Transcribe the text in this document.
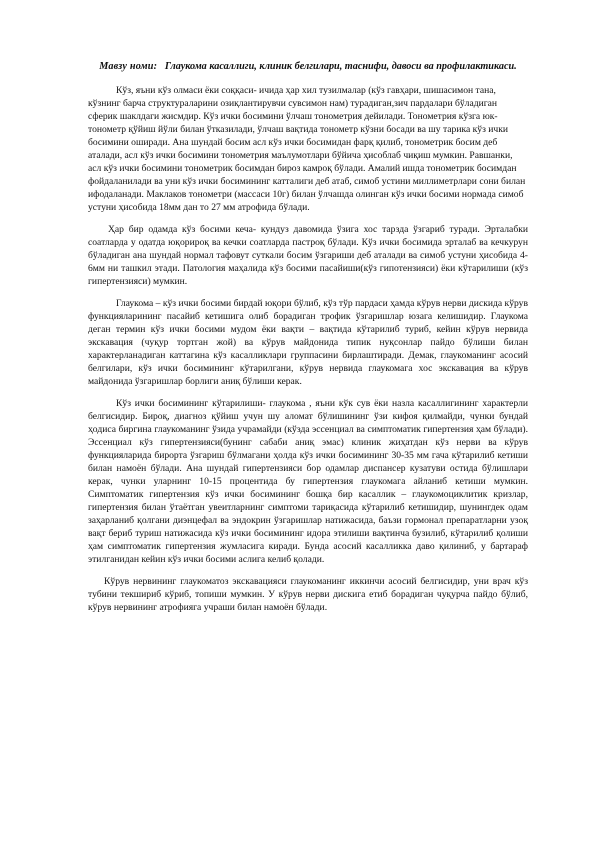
Мавзу номи: Глаукома касаллиги, клиник белгилари, таснифи, давоси ва профилактикаси.

Кўз, яъни кўз олмаси ёки соққаси- ичида ҳар хил тузилмалар (кўз гавҳари, шишасимон тана, кўзнинг барча структураларини озиқлантирувчи сувсимон нам) турадиган,зич пардалари бўладиган сферик шаклдаги жисмдир. Кўз ички босимини ўлчаш тонометрия дейилади. Тонометрия кўзга юк- тонометр қўйиш йўли билан ўтказилади, ўлчаш вақтида тонометр кўзни босади ва шу тарика кўз ички босимини оширади. Ана шундай босим асл кўз ички босимидан фарқ қилиб, тонометрик босим деб аталади, асл кўз ички босимини тонометрия маълумотлари бўйича ҳисоблаб чиқиш мумкин. Равшанки, асл кўз ички босимини тонометрик босимдан бироз камроқ бўлади. Амалий ишда тонометрик босимдан фойдаланилади ва уни кўз ички босимининг катталиги деб атаб, симоб устини миллиметрлари сони билан ифодаланади. Маклаков тонометри (массаси 10г) билан ўлчашда олинган кўз ички босими нормада симоб устуни ҳисобида 18мм дан то 27 мм атрофида бўлади.

Ҳар бир одамда кўз босими кеча- кундуз давомида ўзига хос тарзда ўзгариб туради. Эрталабки соатларда у одатда юқорироқ ва кечки соатларда пастроқ бўлади. Кўз ички босимида эрталаб ва кечкурун бўладиган ана шундай нормал тафовут суткали босим ўзгариши деб аталади ва симоб устуни ҳисобида 4-6мм ни ташкил этади. Патология маҳалида кўз босими пасайиши(кўз гипотензияси) ёки кўтарилиши (кўз гипертензияси) мумкин.

Глаукома – кўз ички босими бирдай юқори бўлиб, кўз тўр пардаси ҳамда кўрув нерви дискида кўрув функцияларининг пасайиб кетишига олиб борадиган трофик ўзгаришлар юзага келишидир. Глаукома деган термин кўз ички босими мудом ёки вақти – вақтида кўтарилиб туриб, кейин кўрув нервида экскавация (чуқур тортган жой) ва кўрув майдонида типик нуқсонлар пайдо бўлиши билан характерланадиган каттагина кўз касалликлари группасини бирлаштиради. Демак, глаукоманинг асосий белгилари, кўз ички босимининг кўтарилгани, кўрув нервида глаукомага хос экскавация ва кўрув майдонида ўзгаришлар борлиги аниқ бўлиши керак.

Кўз ички босимининг кўтарилиши- глаукома , яъни кўк сув ёки назла касаллигининг характерли белгисидир. Бироқ, диагноз қўйиш учун шу аломат бўлишининг ўзи кифоя қилмайди, чунки бундай ҳодиса биргина глаукоманинг ўзида учрамайди (кўзда эссенциал ва симптоматик гипертензия ҳам бўлади). Эссенциал кўз гипертензияси(бунинг сабаби аниқ эмас) клиник жиҳатдан кўз нерви ва кўрув функцияларида бирорта ўзгариш бўлмагани ҳолда кўз ички босимининг 30-35 мм гача кўтарилиб кетиши билан намоён бўлади. Ана шундай гипертензияси бор одамлар диспансер кузатуви остида бўлишлари керак, чунки уларнинг 10-15 процентида бу гипертензия глаукомага айланиб кетиши мумкин. Симптоматик гипертензия кўз ички босимининг бошқа бир касаллик – глаукомоциклитик кризлар, гипертензия билан ўтаётган увеитларнинг симптоми тариқасида кўтарилиб кетишидир, шунингдек одам заҳарланиб қолгани диэнцефал ва эндокрин ўзгаришлар натижасида, баъзи гормонал препаратларни узоқ вақт бериб туриш натижасида кўз ички босимининг идора этилиши вақтинча бузилиб, кўтарилиб қолиши ҳам симптоматик гипертензия жумласига киради. Бунда асосий касалликка даво қилиниб, у бартараф этилганидан кейин кўз ички босими аслига келиб қолади.

Кўрув нервининг глаукоматоз экскавацияси глаукоманинг иккинчи асосий белгисидир, уни врач кўз тубини текшириб кўриб, топиши мумкин. У кўрув нерви дискига етиб борадиган чуқурча пайдо бўлиб, кўрув нервининг атрофияга учраши билан намоён бўлади.
